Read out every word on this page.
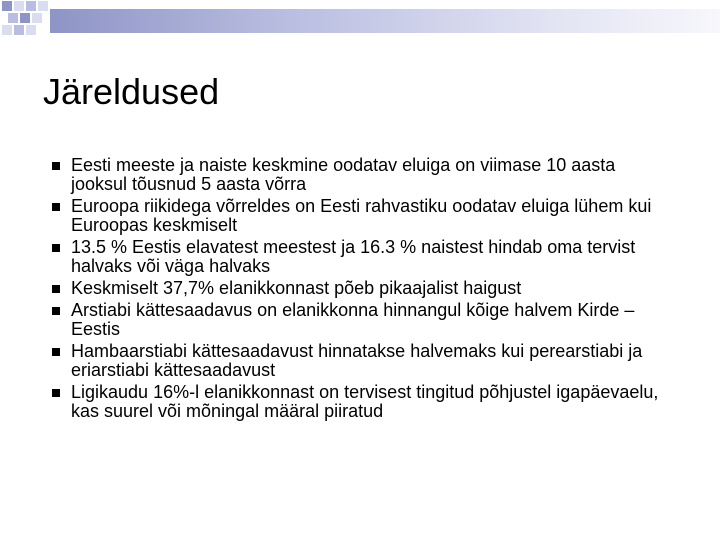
Järeldused
Eesti meeste ja naiste keskmine oodatav eluiga on viimase 10 aasta jooksul tõusnud 5 aasta võrra
Euroopa riikidega võrreldes on Eesti rahvastiku oodatav eluiga lühem kui Euroopas keskmiselt
13.5 % Eestis elavatest meestest ja 16.3 % naistest hindab oma tervist halvaks või väga halvaks
Keskmiselt 37,7% elanikkonnast põeb pikaajalist haigust
Arstiabi kättesaadavus on elanikkonna hinnangul kõige halvem Kirde – Eestis
Hambaarstiabi kättesaadavust hinnatakse halvemaks kui perearstiabi ja eriarstiabi kättesaadavust
Ligikaudu 16%-l elanikkonnast on tervisest tingitud põhjustel igapäevaelu, kas suurel või mõningal määral piiratud
